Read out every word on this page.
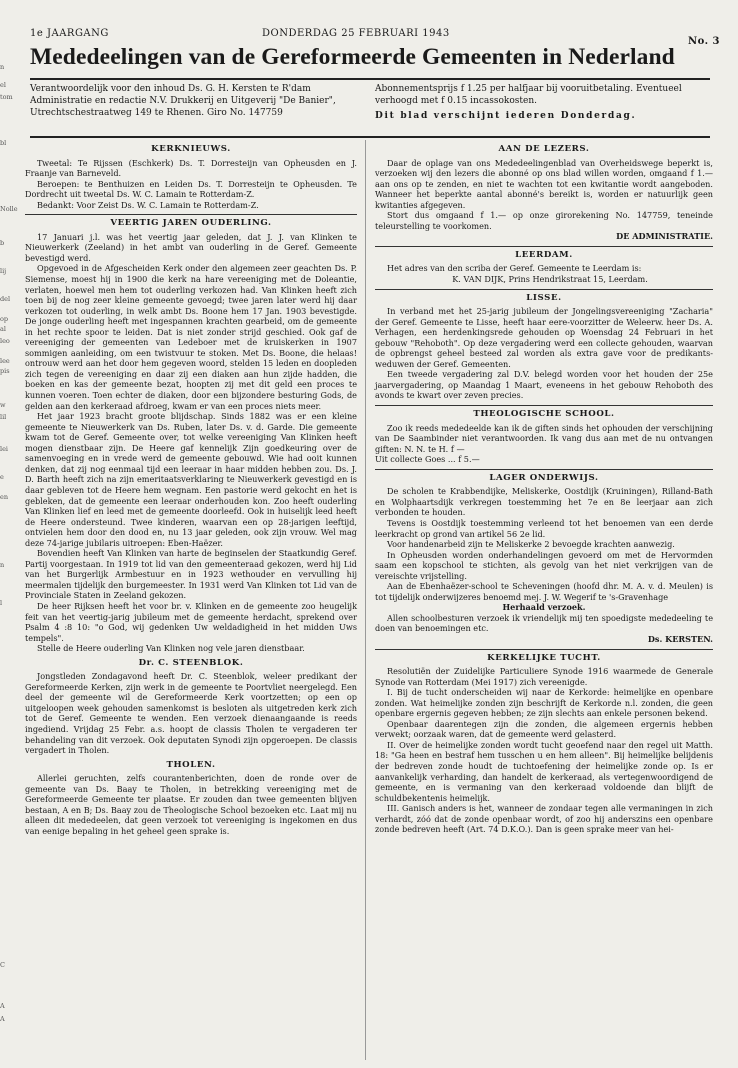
n
el
tom
bl
Nolle
b
lij
del
op
al
leo
lee
pis
w
lil
lei
e
en
n
l
C
A
A
1e JAARGANG	DONDERDAG 25 FEBRUARI 1943
No. 3
Mededeelingen van de Gereformeerde Gemeenten in Nederland
Verantwoordelijk voor den inhoud Ds. G. H. Kersten te R'dam
Administratie en redactie N.V. Drukkerij en Uitgeverij "De Banier", Utrechtschestraatweg 149 te Rhenen. Giro No. 147759
Abonnementsprijs f 1.25 per halfjaar bij vooruitbetaling. Eventueel verhoogd met f 0.15 incassokosten.
Dit blad verschijnt iederen Donderdag.
KERKNIEUWS.

Tweetal: Te Rijssen (Eschkerk) Ds. T. Dorresteijn van Opheusden en J. Fraanje van Barneveld.

Beroepen: te Benthuizen en Leiden Ds. T. Dorresteijn te Opheusden. Te Dordrecht uit tweetal Ds. W. C. Lamain te Rotterdam-Z.

Bedankt: Voor Zeist Ds. W. C. Lamain te Rotterdam-Z.

VEERTIG JAREN OUDERLING.

17 Januari j.l. was het veertig jaar geleden, dat J. J. van Klinken te Nieuwerkerk (Zeeland) in het ambt van ouderling in de Geref. Gemeente bevestigd werd.

Opgevoed in de Afgescheiden Kerk onder den algemeen zeer geachten Ds. P. Siemense, moest hij in 1900 die kerk na hare vereeniging met de Doleantie, verlaten, hoewel men hem tot ouderling verkozen had. Van Klinken heeft zich toen bij de nog zeer kleine gemeente gevoegd; twee jaren later werd hij daar verkozen tot ouderling, in welk ambt Ds. Boone hem 17 Jan. 1903 bevestigde. De jonge ouderling heeft met ingespannen krachten gearbeid, om de gemeente in het rechte spoor te leiden. Dat is niet zonder strijd geschied. Ook gaf de vereeniging der gemeenten van Ledeboer met de kruiskerken in 1907 sommigen aanleiding, om een twistvuur te stoken. Met Ds. Boone, die helaas! ontrouw werd aan het door hem gegeven woord, stelden 15 leden en doopleden zich tegen de vereeniging en daar zij een diaken aan hun zijde hadden, die boeken en kas der gemeente bezat, hoopten zij met dit geld een proces te kunnen voeren. Toen echter de diaken, door een bijzondere besturing Gods, de gelden aan den kerkeraad afdroeg, kwam er van een proces niets meer.

Het jaar 1923 bracht groote blijdschap. Sinds 1882 was er een kleine gemeente te Nieuwerkerk van Ds. Ruben, later Ds. v. d. Garde. Die gemeente kwam tot de Geref. Gemeente over, tot welke vereeniging Van Klinken heeft mogen dienstbaar zijn. De Heere gaf kennelijk Zijn goedkeuring over de samenvoeging en in vrede werd de gemeente gebouwd. Wie had ooit kunnen denken, dat zij nog eenmaal tijd een leeraar in haar midden hebben zou. Ds. J. D. Barth heeft zich na zijn emeritaatsverklaring te Nieuwerkerk gevestigd en is daar gebleven tot de Heere hem wegnam. Een pastorie werd gekocht en het is gebleken, dat de gemeente een leeraar onderhouden kon. Zoo heeft ouderling Van Klinken lief en leed met de gemeente doorleefd. Ook in huiselijk leed heeft de Heere ondersteund. Twee kinderen, waarvan een op 28-jarigen leeftijd, ontvielen hem door den dood en, nu 13 jaar geleden, ook zijn vrouw. Wel mag deze 74-jarige jubilaris uitroepen: Eben-Haëzer.

Bovendien heeft Van Klinken van harte de beginselen der Staatkundig Geref. Partij voorgestaan. In 1919 tot lid van den gemeenteraad gekozen, werd hij Lid van het Burgerlijk Armbestuur en in 1923 wethouder en vervulling hij meermalen tijdelijk den burgemeester. In 1931 werd Van Klinken tot Lid van de Provinciale Staten in Zeeland gekozen.

De heer Rijksen heeft het voor br. v. Klinken en de gemeente zoo heugelijk feit van het veertig-jarig jubileum met de gemeente herdacht, sprekend over Psalm 4 :8 10: "o God, wij gedenken Uw weldadigheid in het midden Uws tempels".

Stelle de Heere ouderling Van Klinken nog vele jaren dienstbaar.

Dr. C. STEENBLOK.

Jongstleden Zondagavond heeft Dr. C. Steenblok, weleer predikant der Gereformeerde Kerken, zijn werk in de gemeente te Poortvliet neergelegd. Een deel der gemeente wil de Gereformeerde Kerk voortzetten; op een op uitgeloopen week gehouden samenkomst is besloten als uitgetreden kerk zich tot de Geref. Gemeente te wenden. Een verzoek dienaangaande is reeds ingediend. Vrijdag 25 Febr. a.s. hoopt de classis Tholen te vergaderen ter behandeling van dit verzoek. Ook deputaten Synodi zijn opgeroepen. De classis vergadert in Tholen.

THOLEN.

Allerlei geruchten, zelfs courantenberichten, doen de ronde over de gemeente van Ds. Baay te Tholen, in betrekking vereeniging met de Gereformeerde Gemeente ter plaatse. Er zouden dan twee gemeenten blijven bestaan, A en B; Ds. Baay zou de Theologische School bezoeken etc. Laat mij nu alleen dit mededeelen, dat geen verzoek tot vereeniging is ingekomen en dus van eenige bepaling in het geheel geen sprake is.

AAN DE LEZERS.

Daar de oplage van ons Mededeelingenblad van Overheidswege beperkt is, verzoeken wij den lezers die abonné op ons blad willen worden, omgaand f 1.— aan ons op te zenden, en niet te wachten tot een kwitantie wordt aangeboden. Wanneer het beperkte aantal abonné's bereikt is, worden er natuurlijk geen kwitanties afgegeven.

Stort dus omgaand f 1.— op onze girorekening No. 147759, teneinde teleurstelling te voorkomen.

DE ADMINISTRATIE.
LEERDAM.

Het adres van den scriba der Geref. Gemeente te Leerdam is:

K. VAN DIJK, Prins Hendrikstraat 15, Leerdam.

LISSE.

In verband met het 25-jarig jubileum der Jongelingsvereeniging "Zacharia" der Geref. Gemeente te Lisse, heeft haar eere-voorzitter de Weleerw. heer Ds. A. Verhagen, een herdenkingsrede gehouden op Woensdag 24 Februari in het gebouw "Rehoboth". Op deze vergadering werd een collecte gehouden, waarvan de opbrengst geheel besteed zal worden als extra gave voor de predikants-weduwen der Geref. Gemeenten.

Een tweede vergadering zal D.V. belegd worden voor het houden der 25e jaarvergadering, op Maandag 1 Maart, eveneens in het gebouw Rehoboth des avonds te kwart over zeven precies.

THEOLOGISCHE SCHOOL.

Zoo ik reeds mededeelde kan ik de giften sinds het ophouden der verschijning van De Saambinder niet verantwoorden. Ik vang dus aan met de nu ontvangen giften: N. N. te H. f —

Uit collecte Goes ... f 5.—

LAGER ONDERWIJS.

De scholen te Krabbendijke, Meliskerke, Oostdijk (Kruiningen), Rilland-Bath en Wolphaartsdijk verkregen toestemming het 7e en 8e leerjaar aan zich verbonden te houden.

Tevens is Oostdijk toestemming verleend tot het benoemen van een derde leerkracht op grond van artikel 56 2e lid.

Voor handenarbeid zijn te Meliskerke 2 bevoegde krachten aanwezig.

In Opheusden worden onderhandelingen gevoerd om met de Hervormden saam een kopschool te stichten, als gevolg van het niet verkrijgen van de vereischte vrijstelling.

Aan de Ebenhaëzer-school te Scheveningen (hoofd dhr. M. A. v. d. Meulen) is tot tijdelijk onderwijzeres benoemd mej. J. W. Wegerif te 's-Gravenhage

Herhaald verzoek.

Allen schoolbesturen verzoek ik vriendelijk mij ten spoedigste mededeeling te doen van benoemingen etc.

Ds. KERSTEN.
KERKELIJKE TUCHT.

Resolutiën der Zuidelijke Particuliere Synode 1916 waarmede de Generale Synode van Rotterdam (Mei 1917) zich vereenigde.

I. Bij de tucht onderscheiden wij naar de Kerkorde: heimelijke en openbare zonden. Wat heimelijke zonden zijn beschrijft de Kerkorde n.l. zonden, die geen openbare ergernis gegeven hebben; ze zijn slechts aan enkele personen bekend.

Openbaar daarentegen zijn die zonden, die algemeen ergernis hebben verwekt; oorzaak waren, dat de gemeente werd gelasterd.

II. Over de heimelijke zonden wordt tucht geoefend naar den regel uit Matth. 18: "Ga heen en bestraf hem tusschen u en hem alleen". Bij heimelijke belijdenis der bedreven zonde houdt de tuchtoefening der heimelijke zonde op. Is er aanvankelijk verharding, dan handelt de kerkeraad, als vertegenwoordigend de gemeente, en is vermaning van den kerkeraad voldoende dan blijft de schuldbekentenis heimelijk.

III. Ganisch anders is het, wanneer de zondaar tegen alle vermaningen in zich verhardt, zóó dat de zonde openbaar wordt, of zoo hij anderszins een openbare zonde bedreven heeft (Art. 74 D.K.O.). Dan is geen sprake meer van hei-
